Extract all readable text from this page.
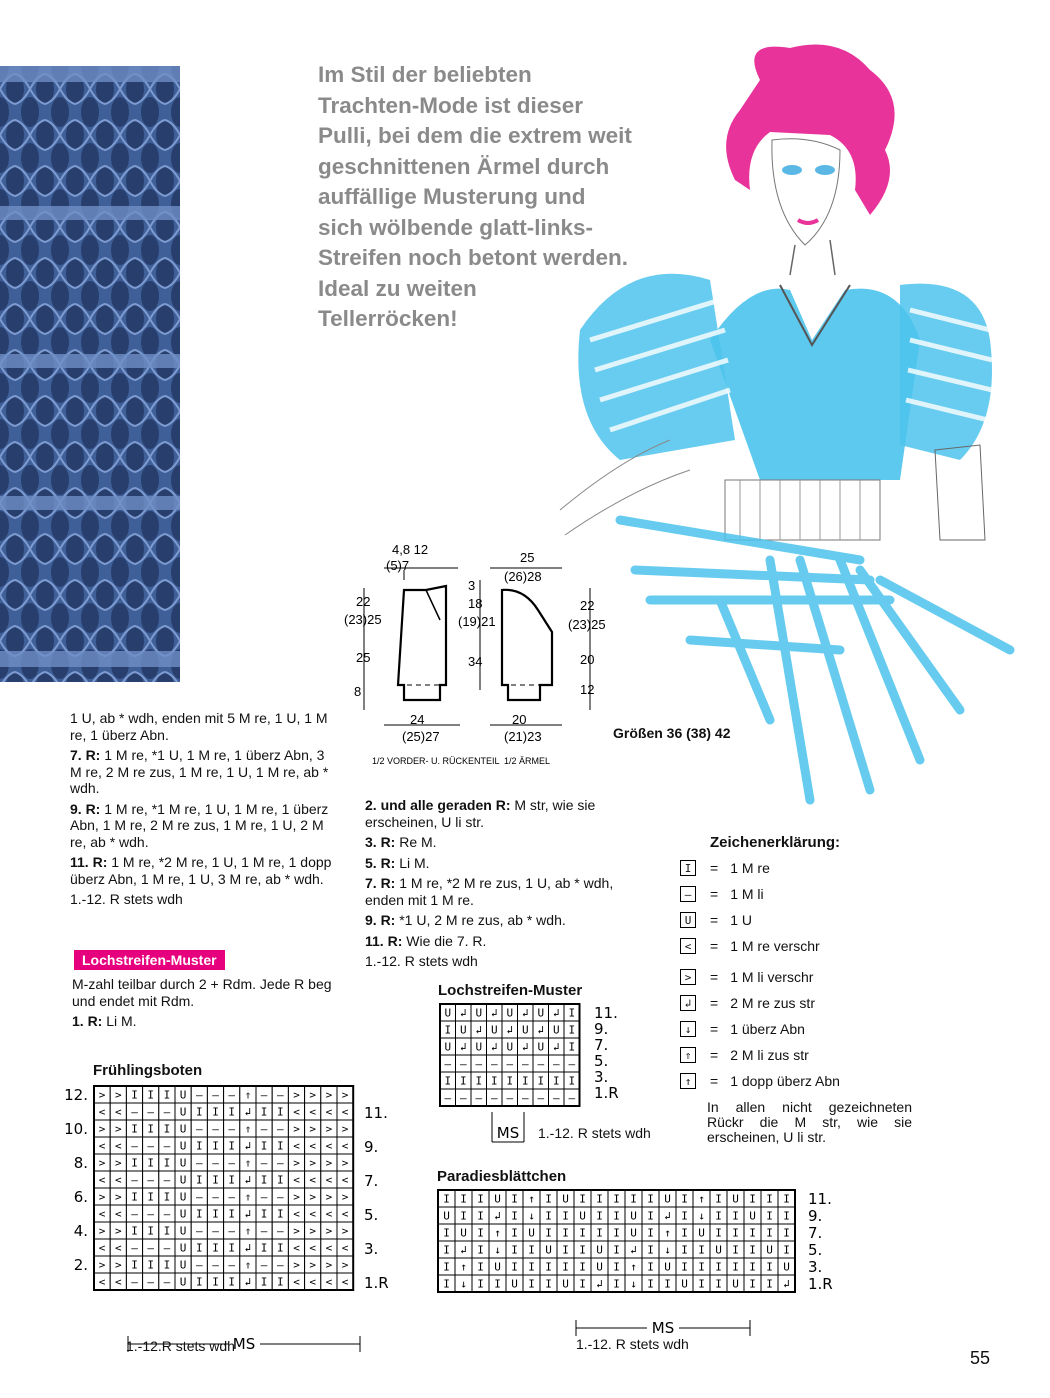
Im Stil der beliebten
Trachten-Mode ist dieser
Pulli, bei dem die extrem weit
geschnittenen Ärmel durch
auffällige Musterung und
sich wölbende glatt-links-
Streifen noch betont werden.
Ideal zu weiten
Tellerröcken!
4,8 12
(5)7
22
(23)25
25
8
24
(25)27
1/2 VORDER- U. RÜCKENTEIL
25
(26)28
3
18
(19)21
34
22
(23)25
20
12
20
(21)23
1/2 ÄRMEL
Größen 36 (38) 42

1 U, ab * wdh, enden mit 5 M re, 1 U, 1 M re, 1 überz Abn.

7. R: 1 M re, *1 U, 1 M re, 1 überz Abn, 3 M re, 2 M re zus, 1 M re, 1 U, 1 M re, ab * wdh.

9. R: 1 M re, *1 M re, 1 U, 1 M re, 1 überz Abn, 1 M re, 2 M re zus, 1 M re, 1 U, 2 M re, ab * wdh.

11. R: 1 M re, *2 M re, 1 U, 1 M re, 1 dopp überz Abn, 1 M re, 1 U, 3 M re, ab * wdh.

1.-12. R stets wdh

Lochstreifen-Muster

M-zahl teilbar durch 2 + Rdm. Jede R beg und endet mit Rdm.

1. R: Li M.

2. und alle geraden R: M str, wie sie erscheinen, U li str.

3. R: Re M.

5. R: Li M.

7. R: 1 M re, *2 M re zus, 1 U, ab * wdh, enden mit 1 M re.

9. R: *1 U, 2 M re zus, ab * wdh.

11. R: Wie die 7. R.

1.-12. R stets wdh

Zeichenerklärung:
I	= 1 M re
—	= 1 M li
U	= 1 U
<	= 1 M re verschr
>	= 1 M li verschr
↲	= 2 M re zus str
↓	= 1 überz Abn
⇑	= 2 M li zus str
↑	= 1 dopp überz Abn
In allen nicht gezeichneten Rückr die M str, wie sie erscheinen, U li str.
Frühlingsboten
> > I I I U — — — ⇑ — — > > > >
< < — — — U I I I ↲ I I < < < <
> > I I I U — — — ⇑ — — > > > >
< < — — — U I I I ↲ I I < < < <
> > I I I U — — — ⇑ — — > > > >
< < — — — U I I I ↲ I I < < < <
> > I I I U — — — ⇑ — — > > > >
< < — — — U I I I ↲ I I < < < <
> > I I I U — — — ⇑ — — > > > >
< < — — — U I I I ↲ I I < < < <
> > I I I U — — — ⇑ — — > > > >
< < — — — U I I I ↲ I I < < < <
12.
10.
8.
6.
4.
2.
11.
9.
7.
5.
3.
1.R
MS
1.-12.R stets wdh
Lochstreifen-Muster
U ↲ U ↲ U ↲ U ↲ I
I U ↲ U ↲ U ↲ U I
U ↲ U ↲ U ↲ U ↲ I
— — — — — — — — —
I I I I I I I I I
— — — — — — — — —
11.
9.
7.
5.
3.
1.R
MS 1.-12. R stets wdh
Paradiesblättchen
I I I U I ↑ I U I I I I I U I ↑ I U I I I
U I I ↲ I ↓ I I U I I U I ↲ I ↓ I I U I I
I U I ↑ I U I I I I I U I ↑ I U I I I I I
I ↲ I ↓ I I U I I U I ↲ I ↓ I I U I I U I
I ↑ I U I I I I I U I ↑ I U I I I I I I U
I ↓ I I U I I U I ↲ I ↓ I I U I I U I I ↲
11.
9.
7.
5.
3.
1.R
MS
1.-12. R stets wdh
55
